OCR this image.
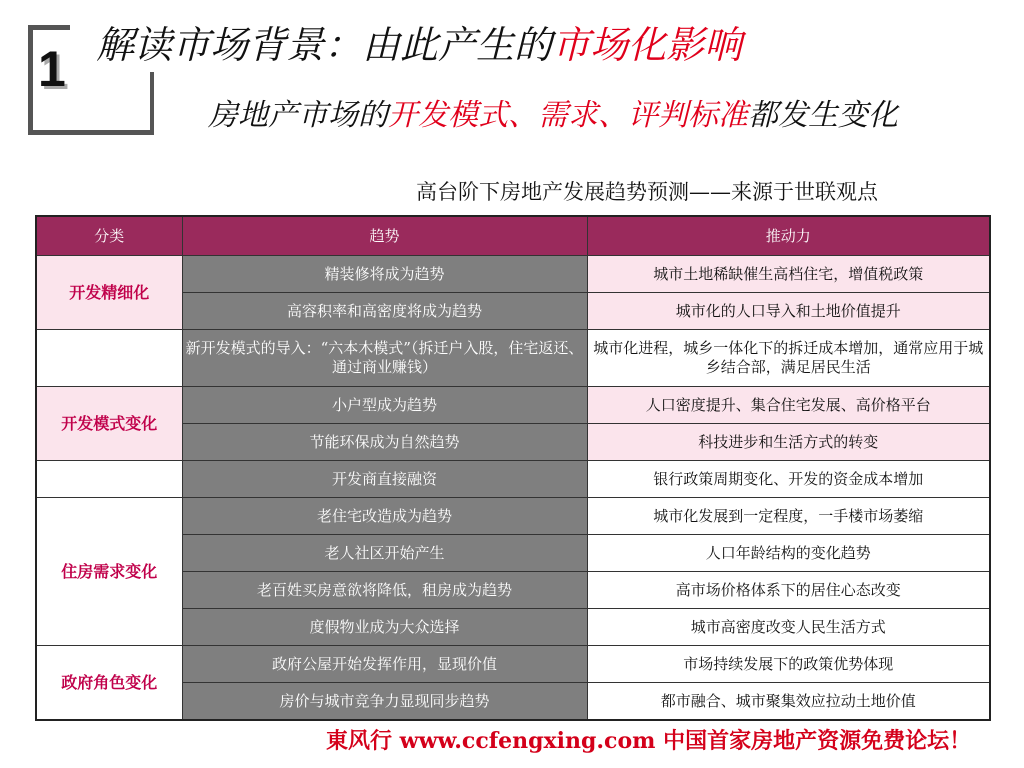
1 解读市场背景：由此产生的市场化影响
房地产市场的开发模式、需求、评判标准都发生变化
高台阶下房地产发展趋势预测——来源于世联观点
東风行 www.ccfengxing.com 中国首家房地产资源免费论坛！
分类	趋势	推动力
开发精细化	精装修将成为趋势	城市土地稀缺催生高档住宅，增值税政策
	高容积率和高密度将成为趋势	城市化的人口导入和土地价值提升
	新开发模式的导入：“六本木模式”（拆迁户入股，住宅返还、通过商业赚钱）	城市化进程，城乡一体化下的拆迁成本增加，通常应用于城乡结合部，满足居民生活
开发模式变化	小户型成为趋势	人口密度提升、集合住宅发展、高价格平台
	节能环保成为自然趋势	科技进步和生活方式的转变
	开发商直接融资	银行政策周期变化、开发的资金成本增加
住房需求变化	老住宅改造成为趋势	城市化发展到一定程度，一手楼市场萎缩
	老人社区开始产生	人口年龄结构的变化趋势
	老百姓买房意欲将降低，租房成为趋势	高市场价格体系下的居住心态改变
	度假物业成为大众选择	城市高密度改变人民生活方式
政府角色变化	政府公屋开始发挥作用，显现价值	市场持续发展下的政策优势体现
	房价与城市竞争力显现同步趋势	都市融合、城市聚集效应拉动土地价值
